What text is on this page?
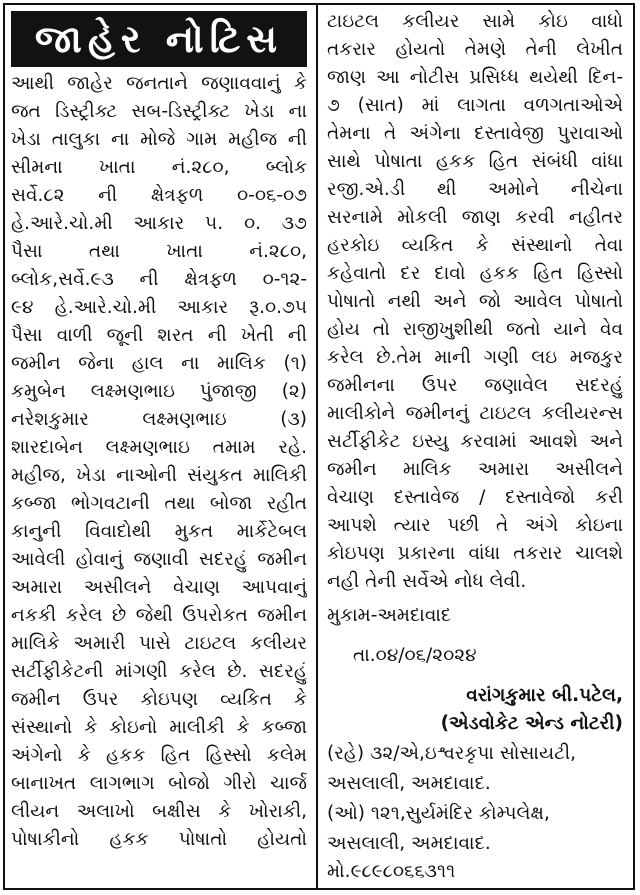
જાહેર નોટિસ
આથી જાહેર જનતાને જણાવવાનું કે
જત ડિસ્ટ્રીક્ટ સબ-ડિસ્ટ્રીક્ટ ખેડા ના
ખેડા તાલુકા ના મોજે ગામ મહીજ ની
સીમના ખાતા નં.૨૮૦, બ્લોક
સર્વે.૮૨ ની ક્ષેત્રફળ ૦-૦૬-૦૭
હે.આરે.ચો.મી આકાર ૫. ૦. ૩૭
પૈસા તથા ખાતા નં.૨૮૦,
બ્લોક,સર્વે.૯૩ ની ક્ષેત્રફળ ૦-૧૨-
૯૪ હે.આરે.ચો.મી આકાર રૂ.૦.૭૫
પૈસા વાળી જૂની શરત ની ખેતી ની
જમીન જેના હાલ ના માલિક (૧)
કમુબેન લક્ષ્મણભાઇ પુંજાજી (૨)
નરેશકુમાર લક્ષ્મણભાઇ (૩)
શારદાબેન લક્ષ્મણભાઇ તમામ રહે.
મહીજ, ખેડા નાઓની સંયુકત માલિકી
કબ્જા ભોગવટાની તથા બોજા રહીત
કાનુની વિવાદોથી મુકત માર્કેટેબલ
આવેલી હોવાનું જણાવી સદરહું જમીન
અમારા અસીલને વેચાણ આપવાનું
નકકી કરેલ છે જેથી ઉપરોકત જમીન
માલિકે અમારી પાસે ટાઇટલ કલીયર
સર્ટીફીકેટની માંગણી કરેલ છે. સદરહું
જમીન ઉપર કોઇપણ વ્યકિત કે
સંસ્થાનો કે કોઇનો માલીકી કે કબ્જા
અંગેનો કે હકક હિત હિસ્સો કલેમ
બાનાખત લાગભાગ બોજો ગીરો ચાર્જ
લીયન અલાખો બક્ષીસ કે ખોરાકી,
પોષાકીનો હકક પોષાતો હોયતો
ટાઇટલ કલીયર સામે કોઇ વાધો
તકરાર હોયતો તેમણે તેની લેખીત
જાણ આ નોટીસ પ્રસિધ્ધ થયેથી દિન-
૭ (સાત) માં લાગતા વળગતાઓએ
તેમના તે અંગેના દસ્તાવેજી પુરાવાઓ
સાથે પોષાતા હકક હિત સંબંધી વાંધા
રજી.એ.ડી થી અમોને નીચેના
સરનામે મોકલી જાણ કરવી નહીતર
હરકોઇ વ્યકિત કે સંસ્થાનો તેવા
કહેવાતો દર દાવો હકક હિત હિસ્સો
પોષાતો નથી અને જો આવેલ પોષાતો
હોય તો રાજીખુશીથી જતો યાને વેવ
કરેલ છે.તેમ માની ગણી લઇ મજકુર
જમીનના ઉપર જણાવેલ સદરહું
માલીકોને જમીનનું ટાઇટલ કલીયરન્સ
સર્ટીફીકેટ ઇસ્યુ કરવામાં આવશે અને
જમીન માલિક અમારા અસીલને
વેચાણ દસ્તાવેજ / દસ્તાવેજો કરી
આપશે ત્યાર પછી તે અંગે કોઇના
કોઇપણ પ્રકારના વાંધા તકરાર ચાલશે
નહી તેની સર્વેએ નોધ લેવી.
મુકામ-અમદાવાદ
તા.૦૪/૦૬/૨૦૨૪
વરાંગકુમાર બી.પટેલ,
(એડવોકેટ એન્ડ નોટરી)
(રહે) ૩૨/એ,ઇશ્વરકૃપા સોસાયટી,
અસલાલી, અમદાવાદ.
(ઓ) ૧૨૧,સુર્યમંદિર કોમ્પલેક્ષ,
અસલાલી, અમદાવાદ.
મો.૯૮૯૮૦૬૬૩૧૧
